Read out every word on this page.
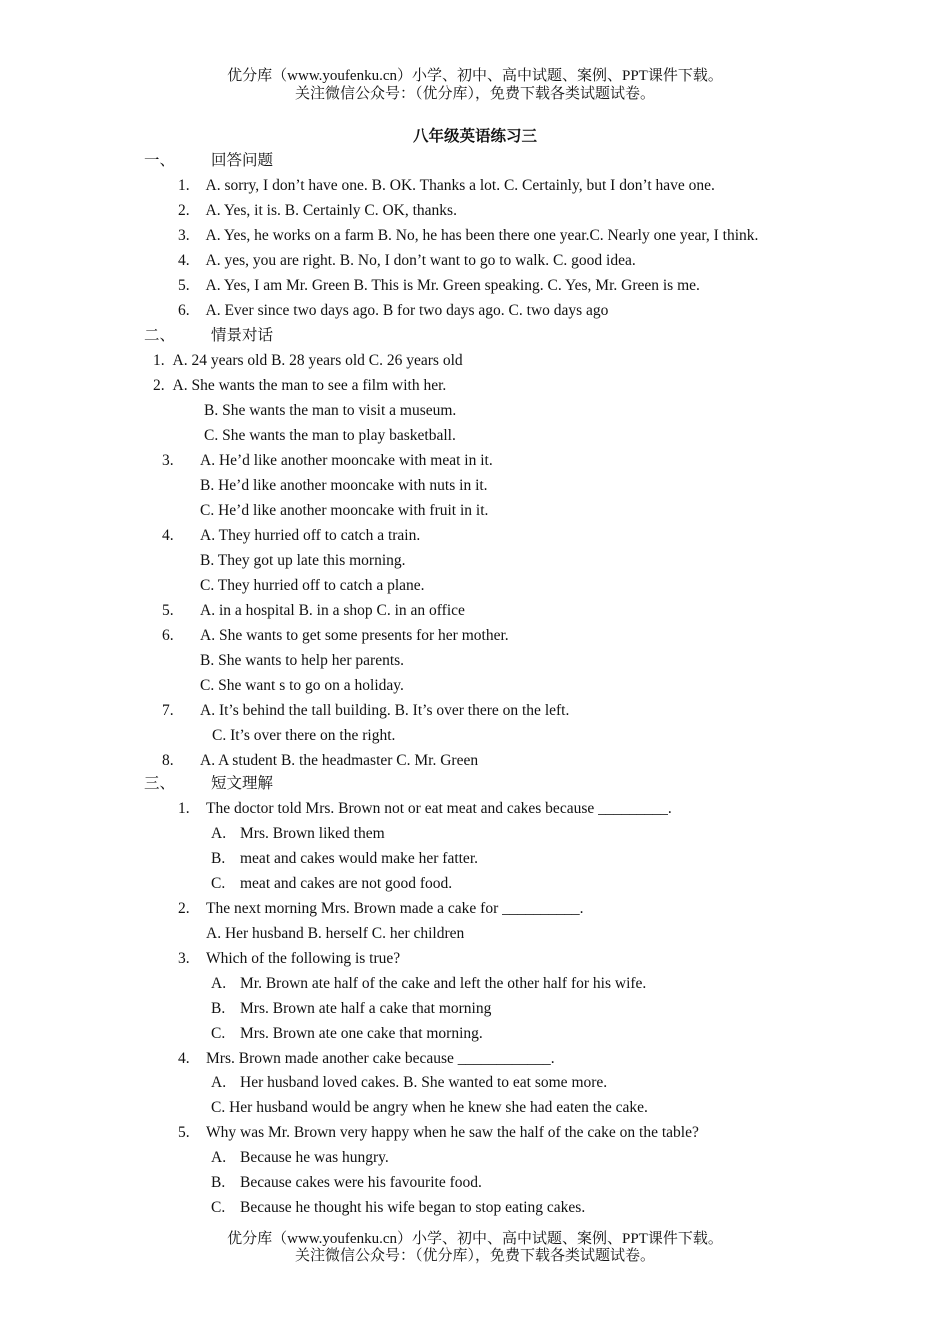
优分库（www.youfenku.cn）小学、初中、高中试题、案例、PPT课件下载。
关注微信公众号：（优分库），免费下载各类试题试卷。
八年级英语练习三
一、 回答问题
1. A. sorry, I don’t have one. B. OK. Thanks a lot. C. Certainly, but I don’t have one.
2. A. Yes, it is. B. Certainly C. OK, thanks.
3. A. Yes, he works on a farm B. No, he has been there one year.C. Nearly one year, I think.
4. A. yes, you are right. B. No, I don’t want to go to walk. C. good idea.
5. A. Yes, I am Mr. Green B. This is Mr. Green speaking. C. Yes, Mr. Green is me.
6. A. Ever since two days ago. B for two days ago. C. two days ago
二、 情景对话
1. A. 24 years old B. 28 years old C. 26 years old
2. A. She wants the man to see a film with her.
B. She wants the man to visit a museum.
C. She wants the man to play basketball.
3. A. He’d like another mooncake with meat in it.
B. He’d like another mooncake with nuts in it.
C. He’d like another mooncake with fruit in it.
4. A. They hurried off to catch a train.
B. They got up late this morning.
C. They hurried off to catch a plane.
5. A. in a hospital B. in a shop C. in an office
6. A. She wants to get some presents for her mother.
B. She wants to help her parents.
C. She want s to go on a holiday.
7. A. It’s behind the tall building. B. It’s over there on the left.
C. It’s over there on the right.
8. A. A student B. the headmaster C. Mr. Green
三、 短文理解
1. The doctor told Mrs. Brown not or eat meat and cakes because _________.
A. Mrs. Brown liked them
B. meat and cakes would make her fatter.
C. meat and cakes are not good food.
2. The next morning Mrs. Brown made a cake for __________.
A. Her husband B. herself C. her children
3. Which of the following is true?
A. Mr. Brown ate half of the cake and left the other half for his wife.
B. Mrs. Brown ate half a cake that morning
C. Mrs. Brown ate one cake that morning.
4. Mrs. Brown made another cake because ____________.
A. Her husband loved cakes. B. She wanted to eat some more.
C. Her husband would be angry when he knew she had eaten the cake.
5. Why was Mr. Brown very happy when he saw the half of the cake on the table?
A. Because he was hungry.
B. Because cakes were his favourite food.
C. Because he thought his wife began to stop eating cakes.
优分库（www.youfenku.cn）小学、初中、高中试题、案例、PPT课件下载。
关注微信公众号：（优分库），免费下载各类试题试卷。
